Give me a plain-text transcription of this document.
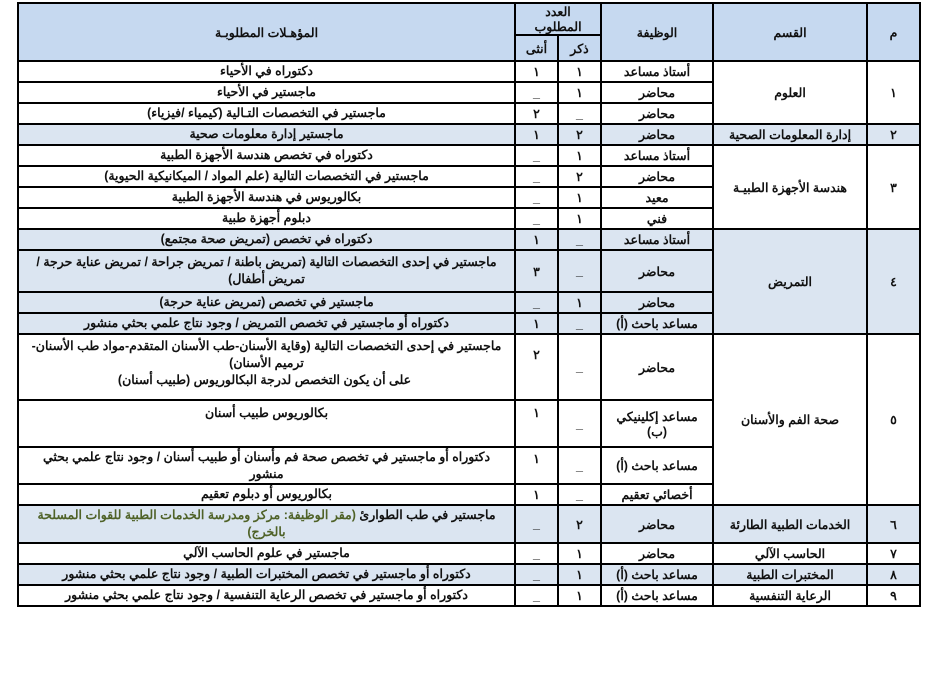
م	القسم	الوظيفة	العدد المطلوب		المؤهـلات المطلوبـة
			ذكر	أنثى	
١	العلوم	أستاذ مساعد	١	١	دكتوراه في الأحياء
		محاضر	١	_	ماجستير في الأحياء
		محاضر	_	٢	ماجستير في التخصصات التـالية (كيمياء /فيزياء)
٢	إدارة المعلومات الصحية	محاضر	٢	١	ماجستير إدارة معلومات صحية
٣	هندسة الأجهزة الطبيـة	أستاذ مساعد	١	_	دكتوراه في تخصص هندسة الأجهزة الطبية
		محاضر	٢	_	ماجستير في التخصصات التالية (علم المواد / الميكانيكية الحيوية)
		معيد	١	_	بكالوريوس في هندسة الأجهزة الطبية
		فني	١	_	دبلوم أجهزة طبية
٤	التمريض	أستاذ مساعد	_	١	دكتوراه في تخصص (تمريض صحة مجتمع)
		محاضر	_	٣	ماجستير في إحدى التخصصات التالية (تمريض باطنة / تمريض جراحة / تمريض عناية حرجة / تمريض أطفال)
		محاضر	١	_	ماجستير في تخصص (تمريض عناية حرجة)
		مساعد باحث (أ)	_	١	دكتوراه أو ماجستير في تخصص التمريض / وجود نتاج علمي بحثي منشور
٥	صحة الفم والأسنان	محاضر	_	٢	ماجستير في إحدى التخصصات التالية (وقاية الأسنان-طب الأسنان المتقدم-مواد طب الأسنان-ترميم الأسنان)
على أن يكون التخصص لدرجة البكالوريوس (طبيب أسنان)

		مساعد إكلينيكي (ب)	_	١	بكالوريوس طبيب أسنان
		مساعد باحث (أ)	_	١	دكتوراه أو ماجستير في تخصص صحة فم وأسنان أو طبيب أسنان / وجود نتاج علمي بحثي منشور
		أخصائي تعقيم	_	١	بكالوريوس أو دبلوم تعقيم
٦	الخدمات الطبية الطارئة	محاضر	٢	_	ماجستير في طب الطوارئ (مقر الوظيفة: مركز ومدرسة الخدمات الطبية للقوات المسلحة بالخرج)
٧	الحاسب الآلي	محاضر	١	_	ماجستير في علوم الحاسب الآلي
٨	المختبرات الطبية	مساعد باحث (أ)	١	_	دكتوراه أو ماجستير في تخصص المختبرات الطبية / وجود نتاج علمي بحثي منشور
٩	الرعاية التنفسية	مساعد باحث (أ)	١	_	دكتوراه أو ماجستير في تخصص الرعاية التنفسية / وجود نتاج علمي بحثي منشور
